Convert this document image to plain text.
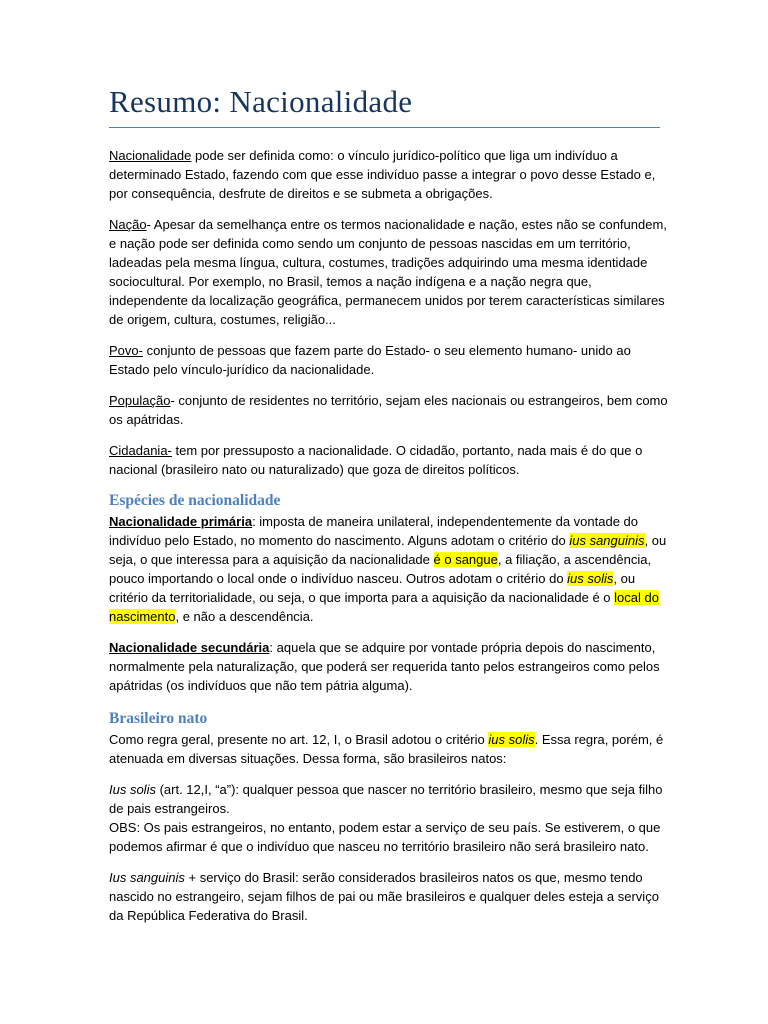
Resumo: Nacionalidade

Nacionalidade pode ser definida como: o vínculo jurídico-político que liga um indivíduo a determinado Estado, fazendo com que esse indivíduo passe a integrar o povo desse Estado e, por consequência, desfrute de direitos e se submeta a obrigações.

Nação- Apesar da semelhança entre os termos nacionalidade e nação, estes não se confundem, e nação pode ser definida como sendo um conjunto de pessoas nascidas em um território, ladeadas pela mesma língua, cultura, costumes, tradições adquirindo uma mesma identidade sociocultural. Por exemplo, no Brasil, temos a nação indígena e a nação negra que, independente da localização geográfica, permanecem unidos por terem características similares de origem, cultura, costumes, religião...

Povo- conjunto de pessoas que fazem parte do Estado- o seu elemento humano- unido ao Estado pelo vínculo-jurídico da nacionalidade.

População- conjunto de residentes no território, sejam eles nacionais ou estrangeiros, bem como os apátridas.

Cidadania- tem por pressuposto a nacionalidade. O cidadão, portanto, nada mais é do que o nacional (brasileiro nato ou naturalizado) que goza de direitos políticos.

Espécies de nacionalidade

Nacionalidade primária: imposta de maneira unilateral, independentemente da vontade do indivíduo pelo Estado, no momento do nascimento. Alguns adotam o critério do ius sanguinis, ou seja, o que interessa para a aquisição da nacionalidade é o sangue, a filiação, a ascendência, pouco importando o local onde o indivíduo nasceu. Outros adotam o critério do ius solis, ou critério da territorialidade, ou seja, o que importa para a aquisição da nacionalidade é o local do nascimento, e não a descendência.

Nacionalidade secundária: aquela que se adquire por vontade própria depois do nascimento, normalmente pela naturalização, que poderá ser requerida tanto pelos estrangeiros como pelos apátridas (os indivíduos que não tem pátria alguma).

Brasileiro nato

Como regra geral, presente no art. 12, I, o Brasil adotou o critério ius solis. Essa regra, porém, é atenuada em diversas situações. Dessa forma, são brasileiros natos:

Ius solis (art. 12,I, “a”): qualquer pessoa que nascer no território brasileiro, mesmo que seja filho de pais estrangeiros.

OBS: Os pais estrangeiros, no entanto, podem estar a serviço de seu país. Se estiverem, o que podemos afirmar é que o indivíduo que nasceu no território brasileiro não será brasileiro nato.

Ius sanguinis + serviço do Brasil: serão considerados brasileiros natos os que, mesmo tendo nascido no estrangeiro, sejam filhos de pai ou mãe brasileiros e qualquer deles esteja a serviço da República Federativa do Brasil.
